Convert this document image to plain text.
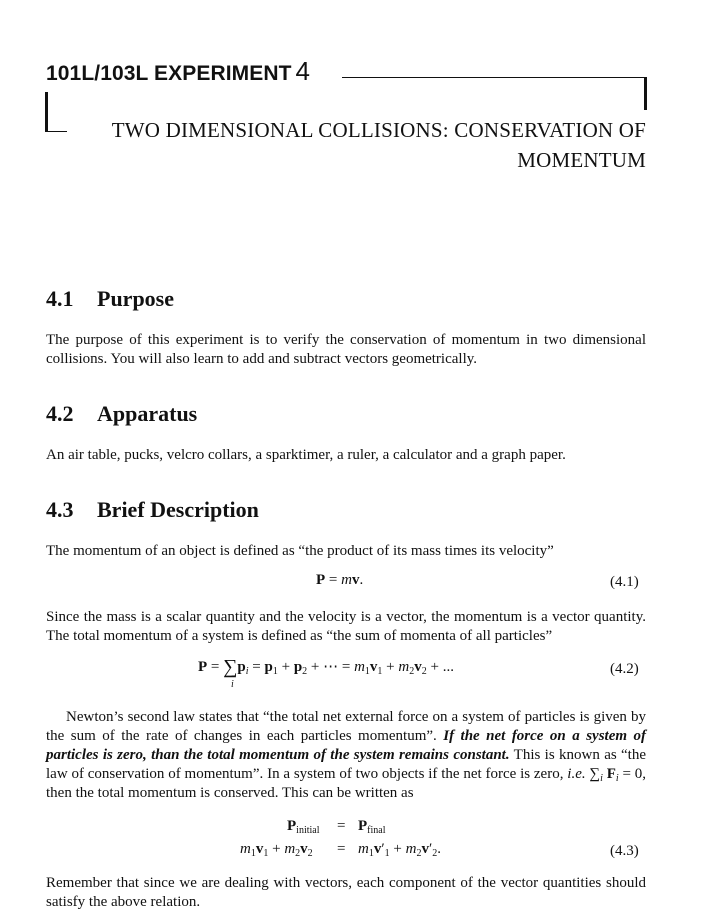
101L/103L EXPERIMENT 4
TWO DIMENSIONAL COLLISIONS: CONSERVATION OF
MOMENTUM
4.1 Purpose
The purpose of this experiment is to verify the conservation of momentum in two dimensional collisions. You will also learn to add and subtract vectors geometrically.
4.2 Apparatus
An air table, pucks, velcro collars, a sparktimer, a ruler, a calculator and a graph paper.
4.3 Brief Description
The momentum of an object is defined as “the product of its mass times its velocity”
P = mv.	(4.1)
Since the mass is a scalar quantity and the velocity is a vector, the momentum is a vector quantity. The total momentum of a system is defined as “the sum of momenta of all particles”
$P = \sum p_i = p_1 + p_2$ + ⋯ = $m_1v_1 + m_2v_2$ + ...
i
(4.2)
Newton’s second law states that “the total net external force on a system of particles is given by the sum of the rate of changes in each particles momentum”. If the net force on a system of particles is zero, than the total momentum of the system remains constant. This is known as “the law of conservation of momentum”. In a system of two objects if the net force is zero, i.e. $\sum_i$ $F_i = 0$, then the total momentum is conserved. This can be written as
$P_{initial} = P_{final}$
$m_1v_1 + m_2v_2 = m_1v'_1 + m_2v'_2$.	(4.3)
Remember that since we are dealing with vectors, each component of the vector quantities should satisfy the above relation.
